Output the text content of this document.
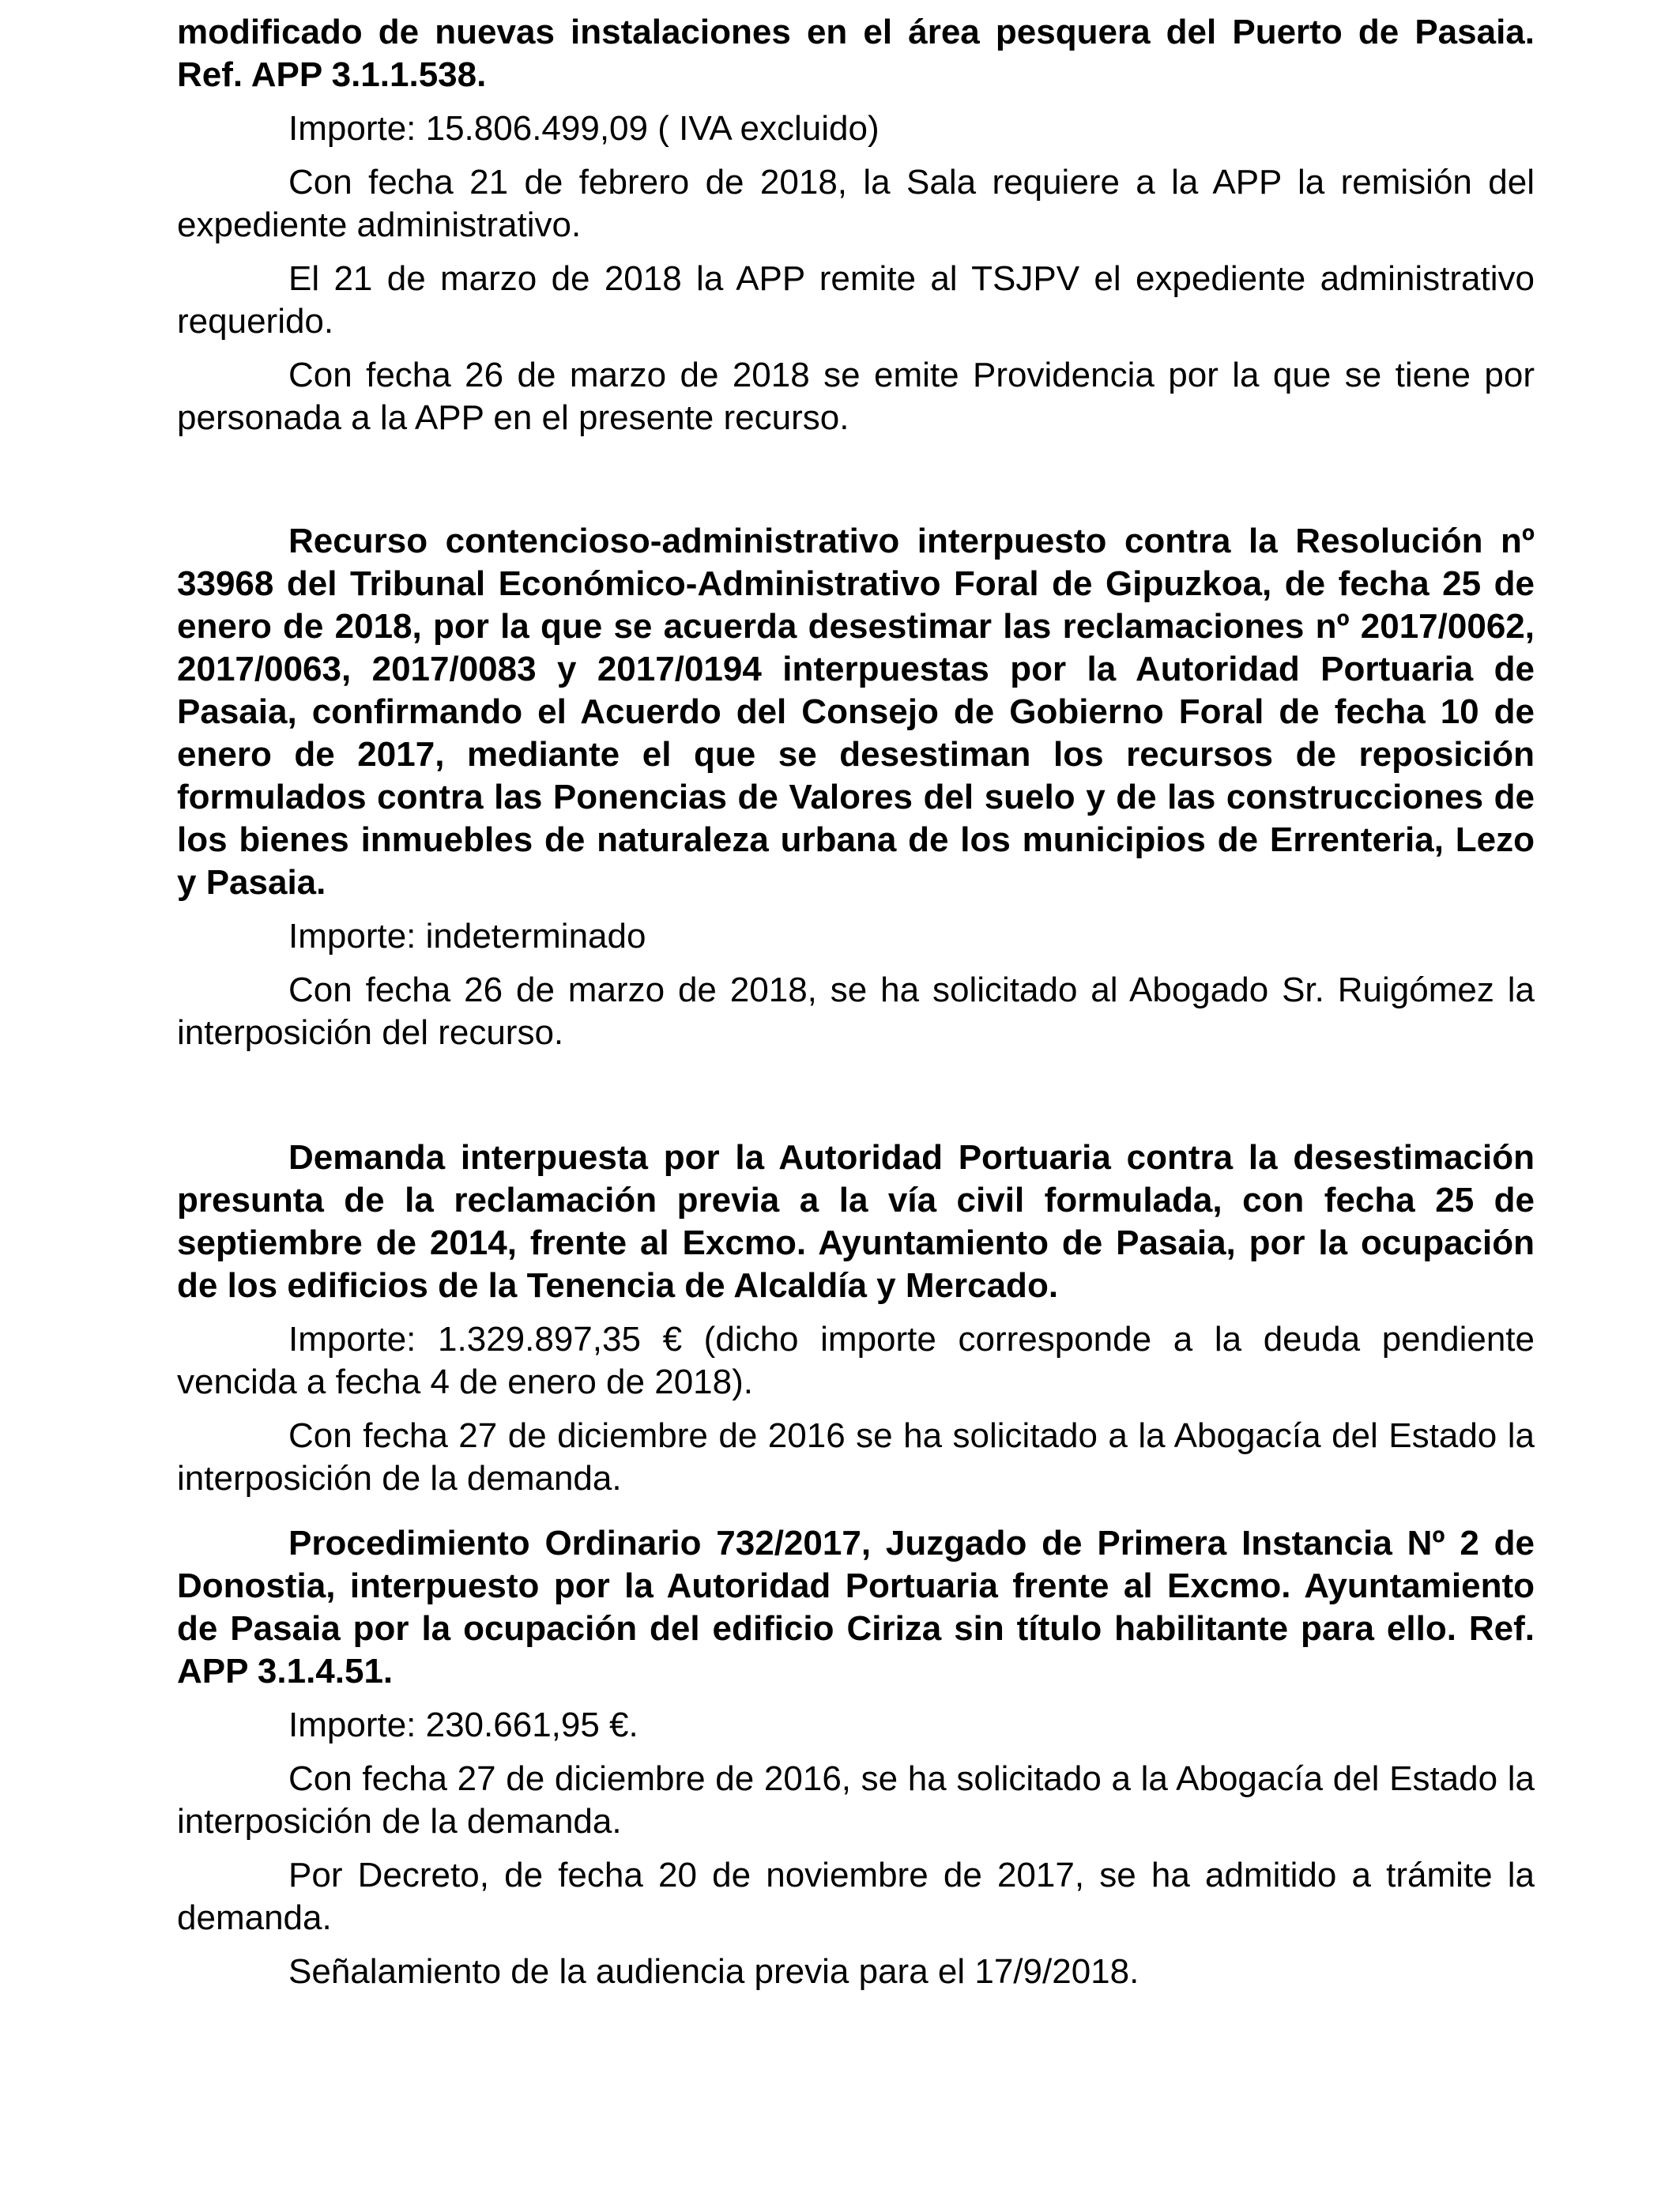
modificado de nuevas instalaciones en el área pesquera del Puerto de Pasaia. Ref. APP 3.1.1.538.

Importe: 15.806.499,09 ( IVA excluido)

Con fecha 21 de febrero de 2018, la Sala requiere a la APP la remisión del expediente administrativo.

El 21 de marzo de 2018 la APP remite al TSJPV el expediente administrativo requerido.

Con fecha 26 de marzo de 2018 se emite Providencia por la que se tiene por personada a la APP en el presente recurso.

Recurso contencioso-administrativo interpuesto contra la Resolución nº 33968 del Tribunal Económico-Administrativo Foral de Gipuzkoa, de fecha 25 de enero de 2018, por la que se acuerda desestimar las reclamaciones nº 2017/0062, 2017/0063, 2017/0083 y 2017/0194 interpuestas por la Autoridad Portuaria de Pasaia, confirmando el Acuerdo del Consejo de Gobierno Foral de fecha 10 de enero de 2017, mediante el que se desestiman los recursos de reposición formulados contra las Ponencias de Valores del suelo y de las construcciones de los bienes inmuebles de naturaleza urbana de los municipios de Errenteria, Lezo y Pasaia.

Importe: indeterminado

Con fecha 26 de marzo de 2018, se ha solicitado al Abogado Sr. Ruigómez la interposición del recurso.

Demanda interpuesta por la Autoridad Portuaria contra la desestimación presunta de la reclamación previa a la vía civil formulada, con fecha 25 de septiembre de 2014, frente al Excmo. Ayuntamiento de Pasaia, por la ocupación de los edificios de la Tenencia de Alcaldía y Mercado.

Importe: 1.329.897,35 € (dicho importe corresponde a la deuda pendiente vencida a fecha 4 de enero de 2018).

Con fecha 27 de diciembre de 2016 se ha solicitado a la Abogacía del Estado la interposición de la demanda.

Procedimiento Ordinario 732/2017, Juzgado de Primera Instancia Nº 2 de Donostia, interpuesto por la Autoridad Portuaria frente al Excmo. Ayuntamiento de Pasaia por la ocupación del edificio Ciriza sin título habilitante para ello. Ref. APP 3.1.4.51.

Importe: 230.661,95 €.

Con fecha 27 de diciembre de 2016, se ha solicitado a la Abogacía del Estado la interposición de la demanda.

Por Decreto, de fecha 20 de noviembre de 2017, se ha admitido a trámite la demanda.

Señalamiento de la audiencia previa para el 17/9/2018.
